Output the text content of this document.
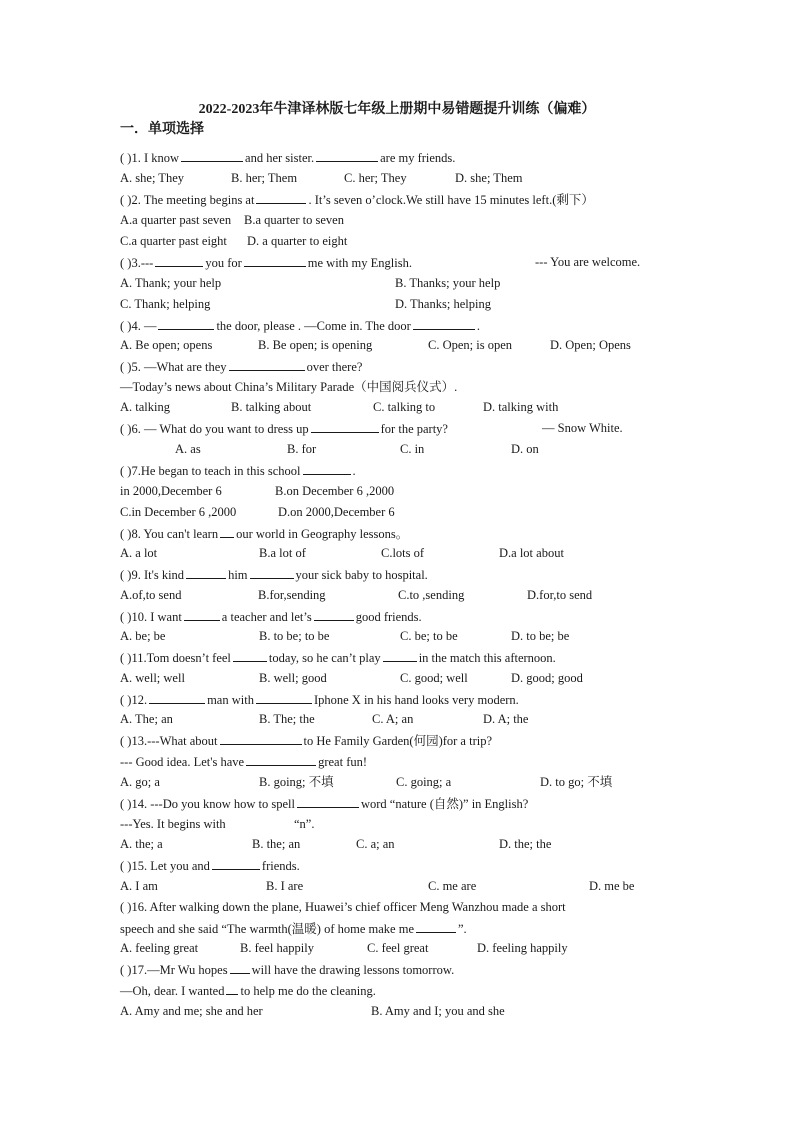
2022-2023年牛津译林版七年级上册期中易错题提升训练（偏难）
一．单项选择
( )1. I know	and her sister.	are my friends.
A. she; They	B. her; Them	C. her; They	D. she; Them
( )2. The meeting begins at	. It’s seven o’clock.We still have 15 minutes left.(剩下）
A.a quarter past seven B.a quarter to seven
C.a quarter past eight D. a quarter to eight
( )3.---	you for	me with my English.	--- You are welcome.
A. Thank; your help	B. Thanks; your help
C. Thank; helping	D. Thanks; helping
( )4. —	the door, please . —Come in. The door	.
A. Be open; opens	B. Be open; is opening	C. Open; is open	D. Open; Opens
( )5. —What are they	over there?
—Today’s news about China’s Military Parade（中国阅兵仪式）.
A. talking	B. talking about	C. talking to	D. talking with
( )6. — What do you want to dress up	for the party?	— Snow White.
A. as	B. for	C. in	D. on
( )7.He began to teach in this school	.
in 2000,December 6	B.on December 6 ,2000
C.in December 6 ,2000	D.on 2000,December 6
( )8. You can't learn our world in Geography lessons。
A. a lot	B.a lot of	C.lots of	D.a lot about
( )9. It's kind	him	your sick baby to hospital.
A.of,to send	B.for,sending	C.to ,sending	D.for,to send
( )10. I want	a teacher and let’s	good friends.
A. be; be	B. to be; to be	C. be; to be	D. to be; be
( )11.Tom doesn’t feel	today, so he can’t play	in the match this afternoon.
A. well; well	B. well; good	C. good; well	D. good; good
( )12.	man with	Iphone X in his hand looks very modern.
A. The; an	B. The; the	C. A; an	D. A; the
( )13.---What about	to He Family Garden(何园)for a trip?
--- Good idea. Let's have	great fun!
A. go; a	B. going; 不填	C. going; a	D. to go; 不填
( )14. ---Do you know how to spell	word “nature (自然)” in English?
---Yes. It begins with	“n”.
A. the; a	B. the; an	C. a; an	D. the; the
( )15. Let you and	friends.
A. I am	B. I are	C. me are	D. me be
( )16. After walking down the plane, Huawei’s chief officer Meng Wanzhou made a short
speech and she said “The warmth(温暖) of home make me	”.
A. feeling great	B. feel happily	C. feel great	D. feeling happily
( )17.—Mr Wu hopes will have the drawing lessons tomorrow.
—Oh, dear. I wanted to help me do the cleaning.
A. Amy and me; she and her	B. Amy and I; you and she
